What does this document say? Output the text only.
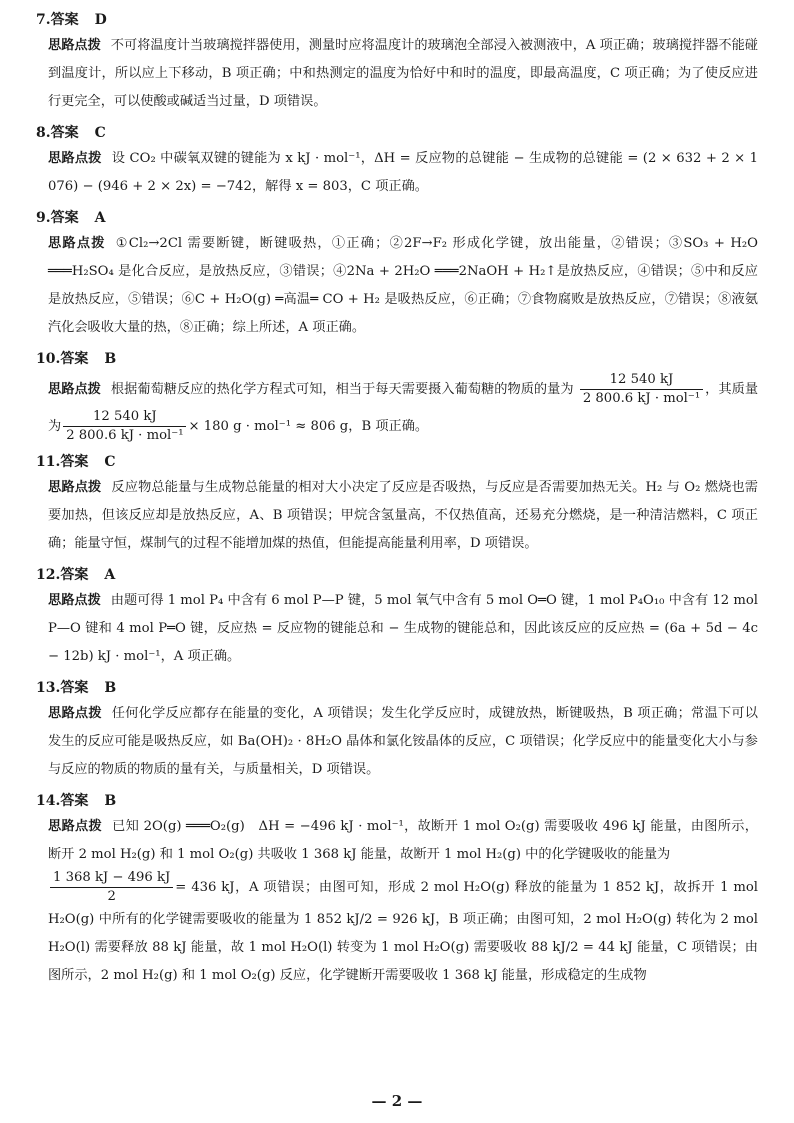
7.答案 D
思路点拨 不可将温度计当玻璃搅拌器使用，测量时应将温度计的玻璃泡全部浸入被测液中，A 项正确；玻璃搅拌器不能碰到温度计，所以应上下移动，B 项正确；中和热测定的温度为恰好中和时的温度，即最高温度，C 项正确；为了使反应进行更完全，可以使酸或碱适当过量，D 项错误。
8.答案 C
思路点拨 设 CO₂ 中碳氧双键的键能为 x kJ · mol⁻¹，ΔH = 反应物的总键能 − 生成物的总键能 = (2 × 632 + 2 × 1 076) − (946 + 2 × 2x) = −742，解得 x = 803，C 项正确。
9.答案 A
思路点拨 ①Cl₂→2Cl 需要断键，断键吸热，①正确；②2F→F₂ 形成化学键，放出能量，②错误；③SO₃ + H₂O ═══H₂SO₄ 是化合反应，是放热反应，③错误；④2Na + 2H₂O ═══2NaOH + H₂↑是放热反应，④错误；⑤中和反应是放热反应，⑤错误；⑥C + H₂O(g) ═高温═ CO + H₂ 是吸热反应，⑥正确；⑦食物腐败是放热反应，⑦错误；⑧液氨汽化会吸收大量的热，⑧正确；综上所述，A 项正确。
10.答案 B
思路点拨 根据葡萄糖反应的热化学方程式可知，相当于每天需要摄入葡萄糖的物质的量为 $\frac{12 540 kJ}{\text{2 800.6 kJ · mol⁻¹}}$ ，其质量为 $\frac{12 540 kJ}{\text{2 800.6 kJ · mol⁻¹}} \times 180$ g · mol⁻¹ ≈ 806 g，B 项正确。
11.答案 C
思路点拨 反应物总能量与生成物总能量的相对大小决定了反应是否吸热，与反应是否需要加热无关。H₂ 与 O₂ 燃烧也需要加热，但该反应却是放热反应，A、B 项错误；甲烷含氢量高，不仅热值高，还易充分燃烧，是一种清洁燃料，C 项正确；能量守恒，煤制气的过程不能增加煤的热值，但能提高能量利用率，D 项错误。
12.答案 A
思路点拨 由题可得 1 mol P₄ 中含有 6 mol P—P 键，5 mol 氧气中含有 5 mol O═O 键，1 mol P₄O₁₀ 中含有 12 mol P—O 键和 4 mol P═O 键，反应热 = 反应物的键能总和 − 生成物的键能总和，因此该反应的反应热 = (6a + 5d − 4c − 12b) kJ · mol⁻¹，A 项正确。
13.答案 B
思路点拨 任何化学反应都存在能量的变化，A 项错误；发生化学反应时，成键放热，断键吸热，B 项正确；常温下可以发生的反应可能是吸热反应，如 Ba(OH)₂ · 8H₂O 晶体和氯化铵晶体的反应，C 项错误；化学反应中的能量变化大小与参与反应的物质的物质的量有关，与质量相关，D 项错误。
14.答案 B
思路点拨 已知 2O(g) ═══O₂(g)　ΔH = −496 kJ · mol⁻¹，故断开 1 mol O₂(g) 需要吸收 496 kJ 能量，由图所示，断开 2 mol H₂(g) 和 1 mol O₂(g) 共吸收 1 368 kJ 能量，故断开 1 mol H₂(g) 中的化学键吸收的能量为

$\frac{1 368 kJ - 496 kJ}{2} = 436$ kJ，A 项错误；由图可知，形成 2 mol H₂O(g) 释放的能量为 1 852 kJ，故拆开 1 mol H₂O(g) 中所有的化学键需要吸收的能量为 1 852 kJ/2 = 926 kJ，B 项正确；由图可知，2 mol H₂O(g) 转化为 2 mol H₂O(l) 需要释放 88 kJ 能量，故 1 mol H₂O(l) 转变为 1 mol H₂O(g) 需要吸收 88 kJ/2 = 44 kJ 能量，C 项错误；由图所示，2 mol H₂(g) 和 1 mol O₂(g) 反应，化学键断开需要吸收 1 368 kJ 能量，形成稳定的生成物
— 2 —
